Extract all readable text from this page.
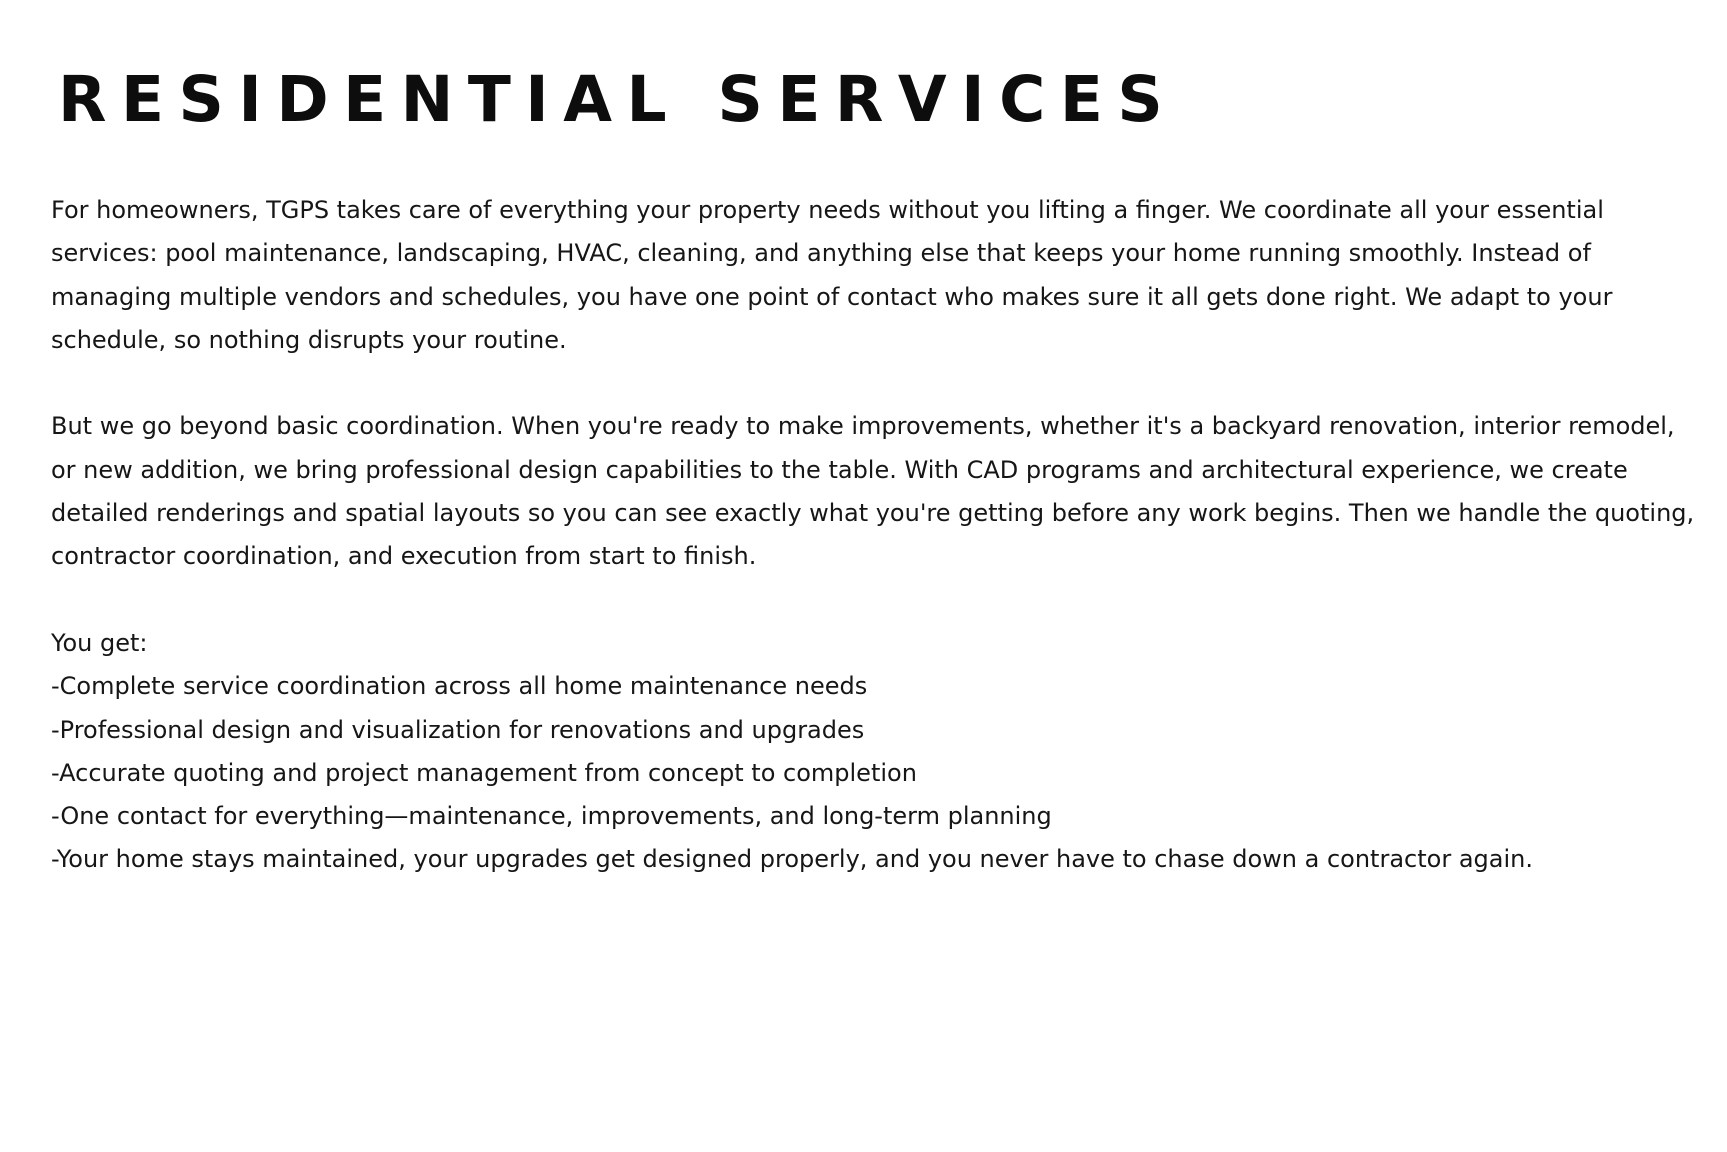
RESIDENTIAL SERVICES

For homeowners, TGPS takes care of everything your property needs without you lifting a finger. We coordinate all your essential services: pool maintenance, landscaping, HVAC, cleaning, and anything else that keeps your home running smoothly. Instead of managing multiple vendors and schedules, you have one point of contact who makes sure it all gets done right. We adapt to your schedule, so nothing disrupts your routine.

But we go beyond basic coordination. When you're ready to make improvements, whether it's a backyard renovation, interior remodel, or new addition, we bring professional design capabilities to the table. With CAD programs and architectural experience, we create detailed renderings and spatial layouts so you can see exactly what you're getting before any work begins. Then we handle the quoting, contractor coordination, and execution from start to finish.

You get:

-Complete service coordination across all home maintenance needs
-Professional design and visualization for renovations and upgrades
-Accurate quoting and project management from concept to completion
-One contact for everything—maintenance, improvements, and long-term planning
-Your home stays maintained, your upgrades get designed properly, and you never have to chase down a contractor again.
